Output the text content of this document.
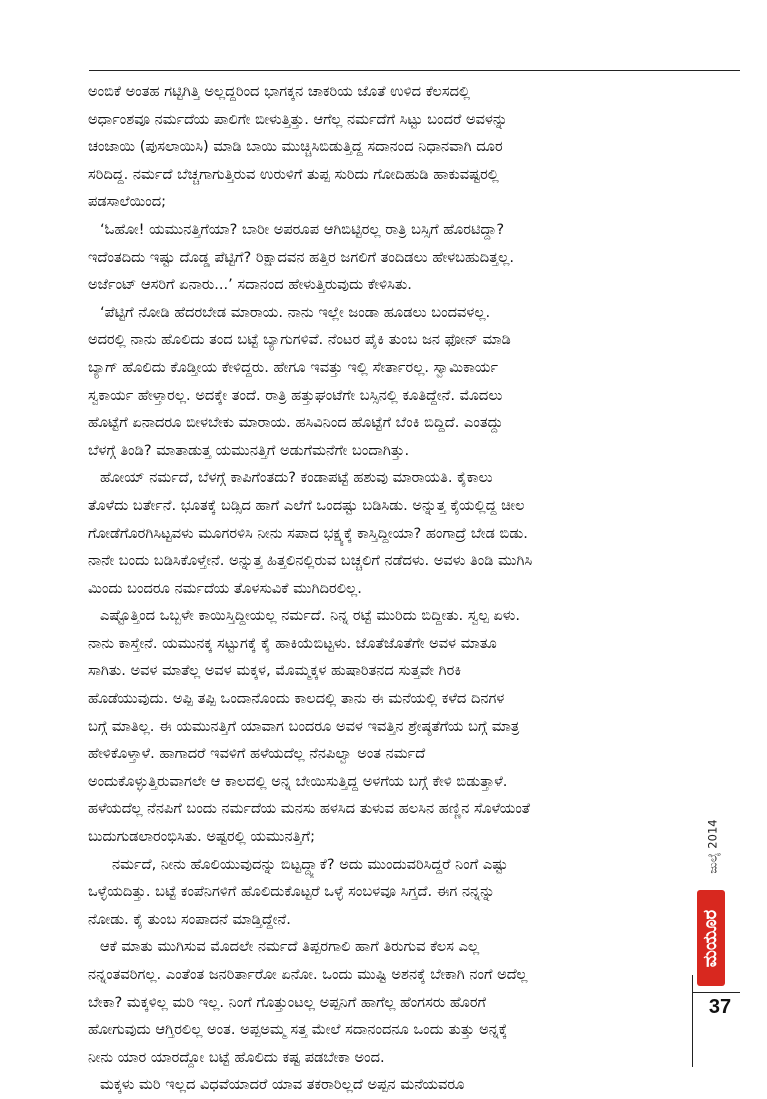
ಅಂಬಿಕೆ ಅಂತಹ ಗಟ್ಟಿಗಿತ್ತಿ ಅಲ್ಲದ್ದರಿಂದ ಭಾಗಕ್ಕನ ಚಾಕರಿಯ ಜೊತೆ ಉಳಿದ ಕೆಲಸದಲ್ಲಿ
ಅರ್ಧಾಂಶವೂ ನರ್ಮದೆಯ ಪಾಲಿಗೇ ಬೀಳುತ್ತಿತ್ತು. ಆಗೆಲ್ಲ ನರ್ಮದೆಗೆ ಸಿಟ್ಟು ಬಂದರೆ ಅವಳನ್ನು
ಚಂಜಾಯಿ (ಪುಸಲಾಯಿಸಿ) ಮಾಡಿ ಬಾಯಿ ಮುಚ್ಚಿಸಿಬಿಡುತ್ತಿದ್ದ ಸದಾನಂದ ನಿಧಾನವಾಗಿ ದೂರ
ಸರಿದಿದ್ದ. ನರ್ಮದೆ ಬೆಚ್ಚಗಾಗುತ್ತಿರುವ ಉರುಳಿಗೆ ತುಪ್ಪ ಸುರಿದು ಗೋದಿಹುಡಿ ಹಾಕುವಷ್ಟರಲ್ಲಿ
ಪಡಸಾಲೆಯಿಂದ;
‘ಓಹೋ! ಯಮುನತ್ತಿಗೆಯಾ? ಬಾರೀ ಅಪರೂಪ ಆಗಿಬಿಟ್ಟಿರಲ್ಲ ರಾತ್ರಿ ಬಸ್ಸಿಗೆ ಹೊರಟಿದ್ದಾ?
ಇದೆಂತದಿದು ಇಷ್ಟು ದೊಡ್ಡ ಪೆಟ್ಟಿಗೆ? ರಿಕ್ಷಾದವನ ಹತ್ತಿರ ಜಗಲಿಗೆ ತಂದಿಡಲು ಹೇಳಬಹುದಿತ್ತಲ್ಲ.
ಅರ್ಜೆಂಟ್ ಆಸರಿಗೆ ಏನಾರು...’ ಸದಾನಂದ ಹೇಳುತ್ತಿರುವುದು ಕೇಳಿಸಿತು.
‘ಪೆಟ್ಟಿಗೆ ನೋಡಿ ಹೆದರಬೇಡ ಮಾರಾಯ. ನಾನು ಇಲ್ಲೇ ಜಂಡಾ ಹೂಡಲು ಬಂದವಳಲ್ಲ.
ಅದರಲ್ಲಿ ನಾನು ಹೊಲಿದು ತಂದ ಬಟ್ಟೆ ಬ್ಯಾಗುಗಳಿವೆ. ನೆಂಟರ ಪೈಕಿ ತುಂಬ ಜನ ಫೋನ್ ಮಾಡಿ
ಬ್ಯಾಗ್ ಹೊಲಿದು ಕೊಡ್ತೀಯ ಕೇಳಿದ್ದರು. ಹೇಗೂ ಇವತ್ತು ಇಲ್ಲಿ ಸೇರ್ತಾರಲ್ಲ. ಸ್ವಾಮಿಕಾರ್ಯ
ಸ್ವಕಾರ್ಯ ಹೇಳ್ತಾರಲ್ಲ. ಅದಕ್ಕೇ ತಂದೆ. ರಾತ್ರಿ ಹತ್ತುಘಂಟೆಗೇ ಬಸ್ಸಿನಲ್ಲಿ ಕೂತಿದ್ದೇನೆ. ಮೊದಲು
ಹೊಟ್ಟೆಗೆ ಏನಾದರೂ ಬೀಳಬೇಕು ಮಾರಾಯ. ಹಸಿವಿನಿಂದ ಹೊಟ್ಟೆಗೆ ಬೆಂಕಿ ಬಿದ್ದಿದೆ. ಎಂತದ್ದು
ಬೆಳಗ್ಗೆ ತಿಂಡಿ? ಮಾತಾಡುತ್ತ ಯಮುನತ್ತಿಗೆ ಅಡುಗೆಮನೆಗೇ ಬಂದಾಗಿತ್ತು.
ಹೋಯ್ ನರ್ಮದೆ, ಬೆಳಗ್ಗೆ ಕಾಪಿಗೆಂತದು? ಕಂಡಾಪಟ್ಟೆ ಹಶುವು ಮಾರಾಯತಿ. ಕೈಕಾಲು
ತೊಳೆದು ಬರ್ತೇನೆ. ಭೂತಕ್ಕೆ ಬಡ್ಸಿದ ಹಾಗೆ ಎಲೆಗೆ ಒಂದಷ್ಟು ಬಡಿಸಿಡು. ಅನ್ನುತ್ತ ಕೈಯಲ್ಲಿದ್ದ ಚೀಲ
ಗೋಡೆಗೊರಗಿಸಿಟ್ಟವಳು ಮೂಗರಳಿಸಿ ನೀನು ಸಪಾದ ಭಕ್ಷ್ಯಕ್ಕೆ ಕಾಸ್ತಿದ್ದೀಯಾ? ಹಂಗಾದ್ರೆ ಬೇಡ ಬಿಡು.
ನಾನೇ ಬಂದು ಬಡಿಸಿಕೊಳ್ತೇನೆ. ಅನ್ನುತ್ತ ಹಿತ್ತಲಿನಲ್ಲಿರುವ ಬಚ್ಚಲಿಗೆ ನಡೆದಳು. ಅವಳು ತಿಂಡಿ ಮುಗಿಸಿ
ಮಿಂದು ಬಂದರೂ ನರ್ಮದೆಯ ತೊಳಸುವಿಕೆ ಮುಗಿದಿರಲಿಲ್ಲ.
ಎಷ್ಟೊತ್ತಿಂದ ಒಬ್ಬಳೇ ಕಾಯಿಸ್ತಿದ್ದೀಯಲ್ಲ ನರ್ಮದೆ. ನಿನ್ನ ರಟ್ಟೆ ಮುರಿದು ಬಿದ್ದೀತು. ಸ್ವಲ್ಪ ಏಳು.
ನಾನು ಕಾಸ್ತೇನೆ. ಯಮುನಕ್ಕ ಸಟ್ಟುಗಕ್ಕೆ ಕೈ ಹಾಕಿಯೆಬಿಟ್ಟಳು. ಜೊತೆಜೊತೆಗೇ ಅವಳ ಮಾತೂ
ಸಾಗಿತು. ಅವಳ ಮಾತೆಲ್ಲ ಅವಳ ಮಕ್ಕಳ, ಮೊಮ್ಮಕ್ಕಳ ಹುಷಾರಿತನದ ಸುತ್ತವೇ ಗಿರಕಿ
ಹೊಡೆಯುವುದು. ಅಪ್ಪಿ ತಪ್ಪಿ ಒಂದಾನೊಂದು ಕಾಲದಲ್ಲಿ ತಾನು ಈ ಮನೆಯಲ್ಲಿ ಕಳೆದ ದಿನಗಳ
ಬಗ್ಗೆ ಮಾತಿಲ್ಲ. ಈ ಯಮುನತ್ತಿಗೆ ಯಾವಾಗ ಬಂದರೂ ಅವಳ ಇವತ್ತಿನ ಶ್ರೇಷ್ಠತೆಗೆಯ ಬಗ್ಗೆ ಮಾತ್ರ
ಹೇಳಿಕೊಳ್ತಾಳೆ. ಹಾಗಾದರೆ ಇವಳಿಗೆ ಹಳೆಯದೆಲ್ಲ ನೆನಪಿಲ್ವಾ ಅಂತ ನರ್ಮದೆ
ಅಂದುಕೊಳ್ಳುತ್ತಿರುವಾಗಲೇ ಆ ಕಾಲದಲ್ಲಿ ಅನ್ನ ಬೇಯಿಸುತ್ತಿದ್ದ ಅಳಗೆಯ ಬಗ್ಗೆ ಕೇಳಿ ಬಿಡುತ್ತಾಳೆ.
ಹಳೆಯದೆಲ್ಲ ನೆನಪಿಗೆ ಬಂದು ನರ್ಮದೆಯ ಮನಸು ಹಳಸಿದ ತುಳುವ ಹಲಸಿನ ಹಣ್ಣಿನ ಸೊಳೆಯಂತೆ
ಬುದುಗುಡಲಾರಂಭಿಸಿತು. ಅಷ್ಟರಲ್ಲಿ ಯಮುನತ್ತಿಗೆ;
ನರ್ಮದೆ, ನೀನು ಹೊಲಿಯುವುದನ್ನು ಬಿಟ್ಟದ್ದ್ಯಾಕೆ? ಅದು ಮುಂದುವರಿಸಿದ್ದರೆ ನಿಂಗೆ ಎಷ್ಟು
ಒಳ್ಳೆಯದಿತ್ತು. ಬಟ್ಟೆ ಕಂಪೆನಿಗಳಿಗೆ ಹೊಲಿದುಕೊಟ್ಟರೆ ಒಳ್ಳೆ ಸಂಬಳವೂ ಸಿಗ್ತದೆ. ಈಗ ನನ್ನನ್ನು
ನೋಡು. ಕೈ ತುಂಬ ಸಂಪಾದನೆ ಮಾಡ್ತಿದ್ದೇನೆ.
ಆಕೆ ಮಾತು ಮುಗಿಸುವ ಮೊದಲೇ ನರ್ಮದೆ ತಿಪ್ಪರಗಾಲಿ ಹಾಗೆ ತಿರುಗುವ ಕೆಲಸ ಎಲ್ಲ
ನನ್ನಂತವರಿಗಲ್ಲ. ಎಂತೆಂತ ಜನರಿರ್ತಾರೋ ಏನೋ. ಒಂದು ಮುಷ್ಟಿ ಅಶನಕ್ಕೆ ಬೇಕಾಗಿ ನಂಗೆ ಅದೆಲ್ಲ
ಬೇಕಾ? ಮಕ್ಕಳಿಲ್ಲ ಮರಿ ಇಲ್ಲ. ನಿಂಗೆ ಗೊತ್ತುಂಟಲ್ಲ ಅಪ್ಪನಿಗೆ ಹಾಗೆಲ್ಲ ಹೆಂಗಸರು ಹೊರಗೆ
ಹೋಗುವುದು ಆಗ್ತಿರಲಿಲ್ಲ ಅಂತ. ಅಪ್ಪಅಮ್ಮ ಸತ್ತ ಮೇಲೆ ಸದಾನಂದನೂ ಒಂದು ತುತ್ತು ಅನ್ನಕ್ಕೆ
ನೀನು ಯಾರ ಯಾರದ್ದೋ ಬಟ್ಟೆ ಹೊಲಿದು ಕಷ್ಟ ಪಡಬೇಕಾ ಅಂದ.
ಮಕ್ಕಳು ಮರಿ ಇಲ್ಲದ ವಿಧವೆಯಾದರೆ ಯಾವ ತಕರಾರಿಲ್ಲದೆ ಅಪ್ಪನ ಮನೆಯವರೂ
ಜುಲೈ 2014
ಮಯೂರ
37
